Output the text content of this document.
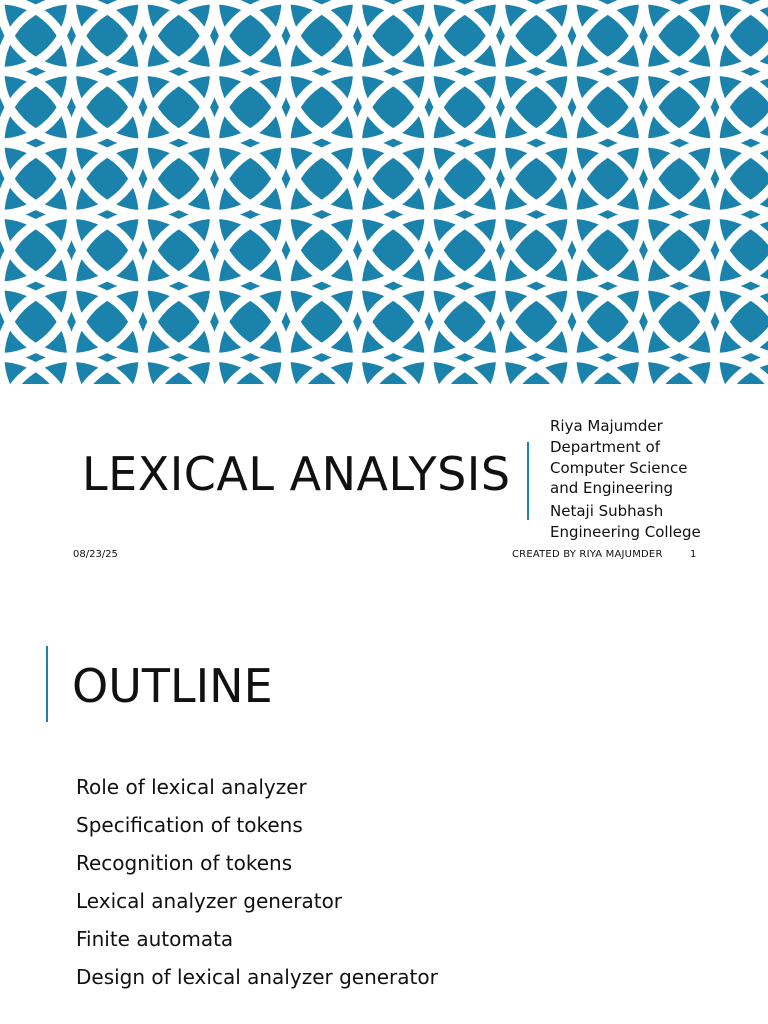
LEXICAL ANALYSIS
Riya Majumder
Department of
Computer Science
and Engineering
Netaji Subhash
Engineering College
08/23/25	CREATED BY RIYA MAJUMDER	1
OUTLINE
Role of lexical analyzer
Specification of tokens
Recognition of tokens
Lexical analyzer generator
Finite automata
Design of lexical analyzer generator
